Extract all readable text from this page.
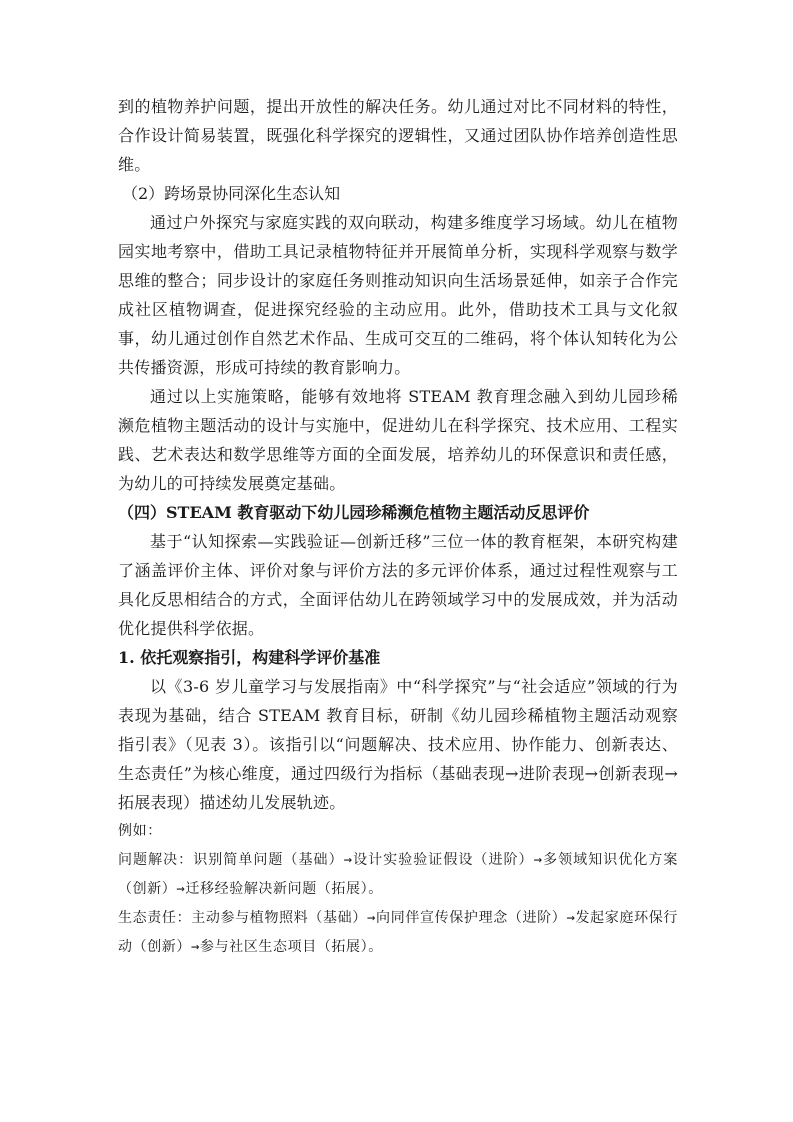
到的植物养护问题，提出开放性的解决任务。幼儿通过对比不同材料的特性，合作设计简易装置，既强化科学探究的逻辑性，又通过团队协作培养创造性思维。

（2）跨场景协同深化生态认知

通过户外探究与家庭实践的双向联动，构建多维度学习场域。幼儿在植物园实地考察中，借助工具记录植物特征并开展简单分析，实现科学观察与数学思维的整合；同步设计的家庭任务则推动知识向生活场景延伸，如亲子合作完成社区植物调查，促进探究经验的主动应用。此外，借助技术工具与文化叙事，幼儿通过创作自然艺术作品、生成可交互的二维码，将个体认知转化为公共传播资源，形成可持续的教育影响力。

通过以上实施策略，能够有效地将 STEAM 教育理念融入到幼儿园珍稀濒危植物主题活动的设计与实施中，促进幼儿在科学探究、技术应用、工程实践、艺术表达和数学思维等方面的全面发展，培养幼儿的环保意识和责任感，为幼儿的可持续发展奠定基础。

（四）STEAM 教育驱动下幼儿园珍稀濒危植物主题活动反思评价

基于“认知探索—实践验证—创新迁移”三位一体的教育框架，本研究构建了涵盖评价主体、评价对象与评价方法的多元评价体系，通过过程性观察与工具化反思相结合的方式，全面评估幼儿在跨领域学习中的发展成效，并为活动优化提供科学依据。

1. 依托观察指引，构建科学评价基准

以《3-6 岁儿童学习与发展指南》中“科学探究”与“社会适应”领域的行为表现为基础，结合 STEAM 教育目标，研制《幼儿园珍稀植物主题活动观察指引表》（见表 3）。该指引以“问题解决、技术应用、协作能力、创新表达、生态责任”为核心维度，通过四级行为指标（基础表现→进阶表现→创新表现→拓展表现）描述幼儿发展轨迹。

例如：

问题解决：识别简单问题（基础）→设计实验验证假设（进阶）→多领域知识优化方案（创新）→迁移经验解决新问题（拓展）。

生态责任：主动参与植物照料（基础）→向同伴宣传保护理念（进阶）→发起家庭环保行动（创新）→参与社区生态项目（拓展）。
